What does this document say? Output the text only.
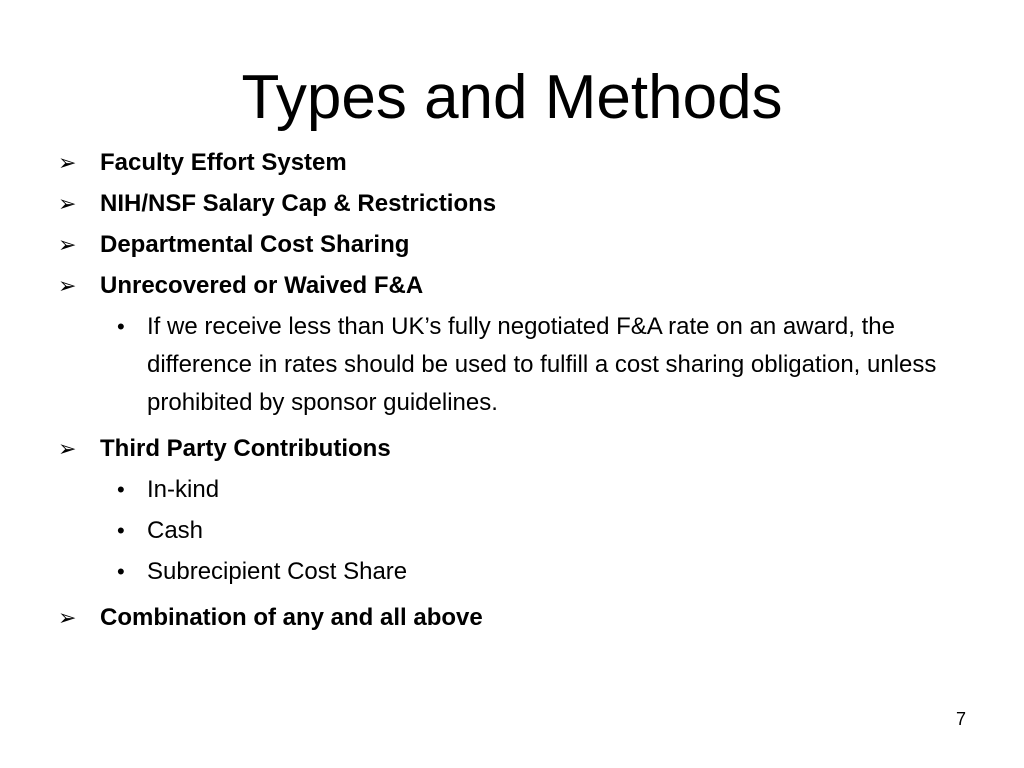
Types and Methods
➢ Faculty Effort System
➢ NIH/NSF Salary Cap & Restrictions
➢ Departmental Cost Sharing
➢ Unrecovered or Waived F&A
• If we receive less than UK’s fully negotiated F&A rate on an award, the difference in rates should be used to fulfill a cost sharing obligation, unless prohibited by sponsor guidelines.
➢ Third Party Contributions
• In-kind
• Cash
• Subrecipient Cost Share
➢ Combination of any and all above
7
